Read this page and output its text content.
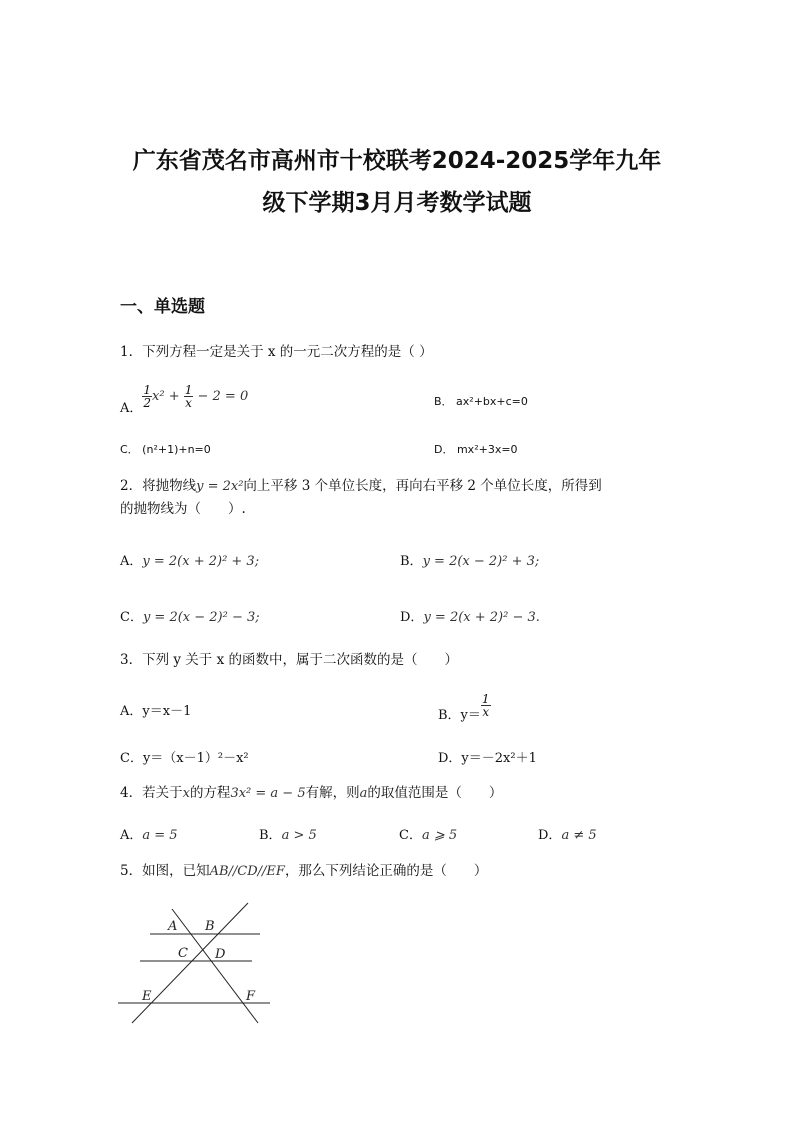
广东省茂名市高州市十校联考2024-2025学年九年
级下学期3月月考数学试题
一、单选题
1．下列方程一定是关于 x 的一元二次方程的是（ ）
A． $\frac{1}{2} x^2 + \frac{1}{x} - 2 = 0$	B． ax²+bx+c=0
C． (n²+1)+n=0	D． mx²+3x=0
2．将抛物线y = 2x²向上平移 3 个单位长度，再向右平移 2 个单位长度，所得到
的抛物线为（　　）.
A．y = 2(x + 2)² + 3;	B．y = 2(x − 2)² + 3;
C．y = 2(x − 2)² − 3;	D．y = 2(x + 2)² − 3.
3．下列 y 关于 x 的函数中，属于二次函数的是（　　）
A．y＝x－1	B．$y= \frac{1}{x}$
C．y＝（x－1）²－x²	D．y＝－2x²＋1
4．若关于x的方程3x² = a − 5有解，则a的取值范围是（　　）
A．a = 5	B．a > 5	C．a ⩾ 5	D．a ≠ 5
5．如图，已知AB//CD//EF，那么下列结论正确的是（　　）
A B
C D
E	F
